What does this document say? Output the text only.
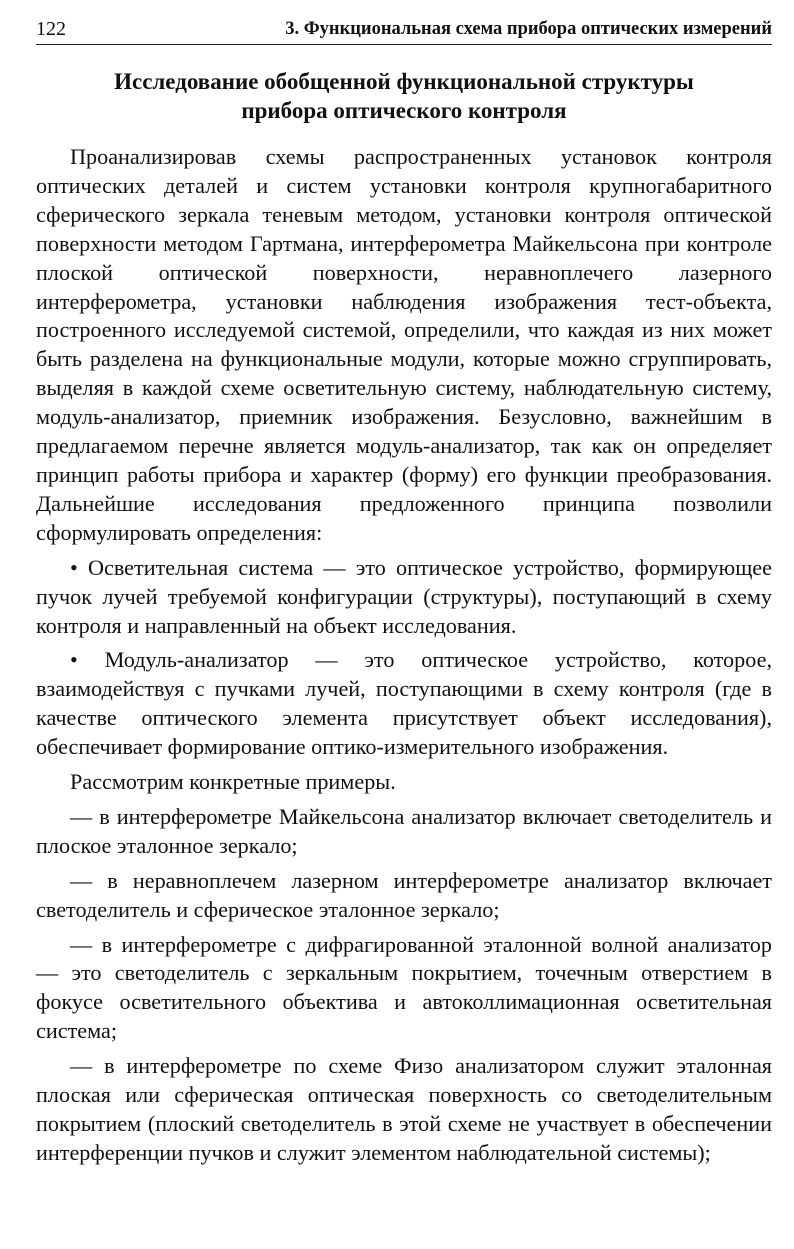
122	3. Функциональная схема прибора оптических измерений
Исследование обобщенной функциональной структуры
прибора оптического контроля

Проанализировав схемы распространенных установок контроля оптических деталей и систем установки контроля крупногабаритного сферического зеркала теневым методом, установки контроля оптической поверхности методом Гартмана, интерферометра Майкельсона при контроле плоской оптической поверхности, неравноплечего лазерного интерферометра, установки наблюдения изображения тест-объекта, построенного исследуемой системой, определили, что каждая из них может быть разделена на функциональные модули, которые можно сгруппировать, выделяя в каждой схеме осветительную систему, наблюдательную систему, модуль-анализатор, приемник изображения. Безусловно, важнейшим в предлагаемом перечне является модуль-анализатор, так как он определяет принцип работы прибора и характер (форму) его функции преобразования. Дальнейшие исследования предложенного принципа позволили сформулировать определения:

• Осветительная система — это оптическое устройство, формирующее пучок лучей требуемой конфигурации (структуры), поступающий в схему контроля и направленный на объект исследования.

• Модуль-анализатор — это оптическое устройство, которое, взаимодействуя с пучками лучей, поступающими в схему контроля (где в качестве оптического элемента присутствует объект исследования), обеспечивает формирование оптико-измерительного изображения.

Рассмотрим конкретные примеры.

— в интерферометре Майкельсона анализатор включает светоделитель и плоское эталонное зеркало;

— в неравноплечем лазерном интерферометре анализатор включает светоделитель и сферическое эталонное зеркало;

— в интерферометре с дифрагированной эталонной волной анализатор — это светоделитель с зеркальным покрытием, точечным отверстием в фокусе осветительного объектива и автоколлимационная осветительная система;

— в интерферометре по схеме Физо анализатором служит эталонная плоская или сферическая оптическая поверхность со светоделительным покрытием (плоский светоделитель в этой схеме не участвует в обеспечении интерференции пучков и служит элементом наблюдательной системы);
